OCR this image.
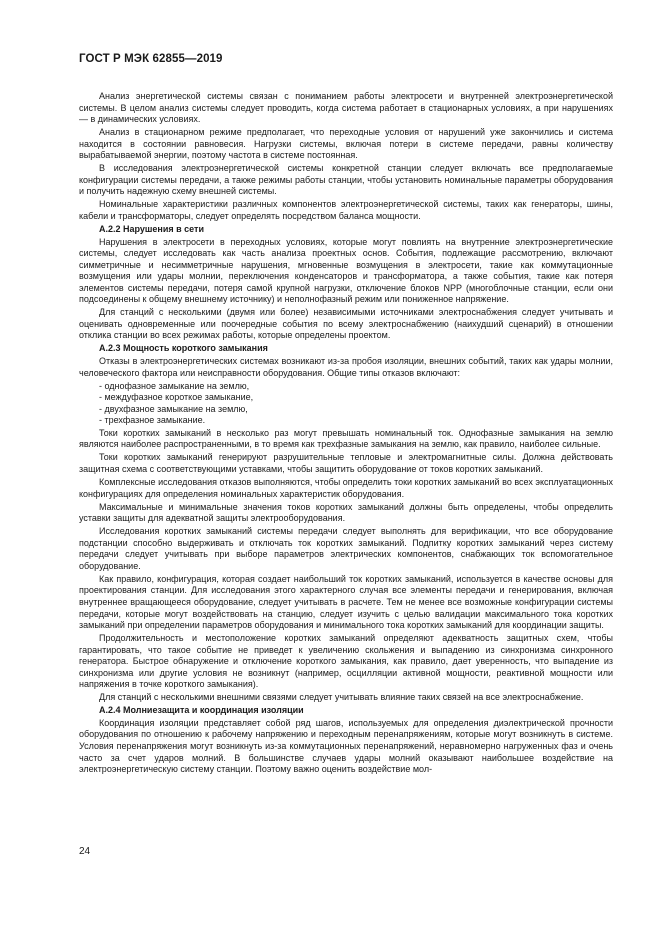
ГОСТ Р МЭК 62855—2019
Анализ энергетической системы связан с пониманием работы электросети и внутренней электроэнергетической системы. В целом анализ системы следует проводить, когда система работает в стационарных условиях, а при нарушениях — в динамических условиях.
Анализ в стационарном режиме предполагает, что переходные условия от нарушений уже закончились и система находится в состоянии равновесия. Нагрузки системы, включая потери в системе передачи, равны количеству вырабатываемой энергии, поэтому частота в системе постоянная.
В исследования электроэнергетической системы конкретной станции следует включать все предполагаемые конфигурации системы передачи, а также режимы работы станции, чтобы установить номинальные параметры оборудования и получить надежную схему внешней системы.
Номинальные характеристики различных компонентов электроэнергетической системы, таких как генераторы, шины, кабели и трансформаторы, следует определять посредством баланса мощности.
А.2.2 Нарушения в сети
Нарушения в электросети в переходных условиях, которые могут повлиять на внутренние электроэнергетические системы, следует исследовать как часть анализа проектных основ. События, подлежащие рассмотрению, включают симметричные и несимметричные нарушения, мгновенные возмущения в электросети, такие как коммутационные возмущения или удары молнии, переключения конденсаторов и трансформатора, а также события, такие как потеря элементов системы передачи, потеря самой крупной нагрузки, отключение блоков NPP (многоблочные станции, если они подсоединены к общему внешнему источнику) и неполнофазный режим или пониженное напряжение.
Для станций с несколькими (двумя или более) независимыми источниками электроснабжения следует учитывать и оценивать одновременные или поочередные события по всему электроснабжению (наихудший сценарий) в отношении отклика станции во всех режимах работы, которые определены проектом.
А.2.3 Мощность короткого замыкания
Отказы в электроэнергетических системах возникают из-за пробоя изоляции, внешних событий, таких как удары молнии, человеческого фактора или неисправности оборудования. Общие типы отказов включают:
- однофазное замыкание на землю,
- междуфазное короткое замыкание,
- двухфазное замыкание на землю,
- трехфазное замыкание.
Токи коротких замыканий в несколько раз могут превышать номинальный ток. Однофазные замыкания на землю являются наиболее распространенными, в то время как трехфазные замыкания на землю, как правило, наиболее сильные.
Токи коротких замыканий генерируют разрушительные тепловые и электромагнитные силы. Должна действовать защитная схема с соответствующими уставками, чтобы защитить оборудование от токов коротких замыканий.
Комплексные исследования отказов выполняются, чтобы определить токи коротких замыканий во всех эксплуатационных конфигурациях для определения номинальных характеристик оборудования.
Максимальные и минимальные значения токов коротких замыканий должны быть определены, чтобы определить уставки защиты для адекватной защиты электрооборудования.
Исследования коротких замыканий системы передачи следует выполнять для верификации, что все оборудование подстанции способно выдерживать и отключать ток коротких замыканий. Подпитку коротких замыканий через систему передачи следует учитывать при выборе параметров электрических компонентов, снабжающих ток вспомогательное оборудование.
Как правило, конфигурация, которая создает наибольший ток коротких замыканий, используется в качестве основы для проектирования станции. Для исследования этого характерного случая все элементы передачи и генерирования, включая внутреннее вращающееся оборудование, следует учитывать в расчете. Тем не менее все возможные конфигурации системы передачи, которые могут воздействовать на станцию, следует изучить с целью валидации максимального тока коротких замыканий при определении параметров оборудования и минимального тока коротких замыканий для координации защиты.
Продолжительность и местоположение коротких замыканий определяют адекватность защитных схем, чтобы гарантировать, что такое событие не приведет к увеличению скольжения и выпадению из синхронизма синхронного генератора. Быстрое обнаружение и отключение короткого замыкания, как правило, дает уверенность, что выпадение из синхронизма или другие условия не возникнут (например, осцилляции активной мощности, реактивной мощности или напряжения в точке короткого замыкания).
Для станций с несколькими внешними связями следует учитывать влияние таких связей на все электроснабжение.
А.2.4 Молниезащита и координация изоляции
Координация изоляции представляет собой ряд шагов, используемых для определения диэлектрической прочности оборудования по отношению к рабочему напряжению и переходным перенапряжениям, которые могут возникнуть в системе. Условия перенапряжения могут возникнуть из-за коммутационных перенапряжений, неравномерно нагруженных фаз и очень часто за счет ударов молний. В большинстве случаев удары молний оказывают наибольшее воздействие на электроэнергетическую систему станции. Поэтому важно оценить воздействие мол-
24
